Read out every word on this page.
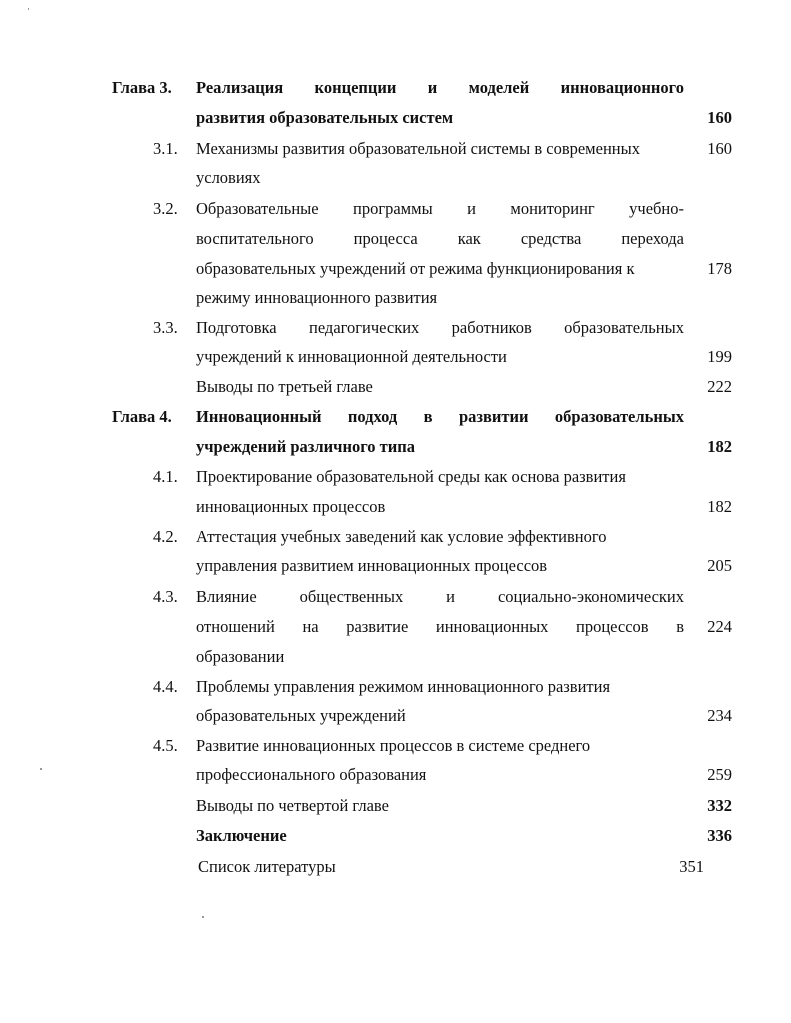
Глава 3. Реализация концепции и моделей инновационного
развития образовательных систем	160
3.1. Механизмы развития образовательной системы в современных	160
условиях
3.2. Образовательные программы и мониторинг учебно-
воспитательного процесса как средства перехода
образовательных учреждений от режима функционирования к	178
режиму инновационного развития
3.3. Подготовка педагогических работников образовательных
учреждений к инновационной деятельности	199
Выводы по третьей главе	222
Глава 4. Инновационный подход в развитии образовательных
учреждений различного типа	182
4.1. Проектирование образовательной среды как основа развития
инновационных процессов	182
4.2. Аттестация учебных заведений как условие эффективного
управления развитием инновационных процессов	205
4.3. Влияние	общественных	и	социально-экономических
отношений на развитие инновационных процессов в	224
образовании
4.4. Проблемы управления режимом инновационного развития
образовательных учреждений	234
4.5. Развитие инновационных процессов в системе среднего
профессионального образования	259
Выводы по четвертой главе	332
Заключение	336
Список литературы	351
